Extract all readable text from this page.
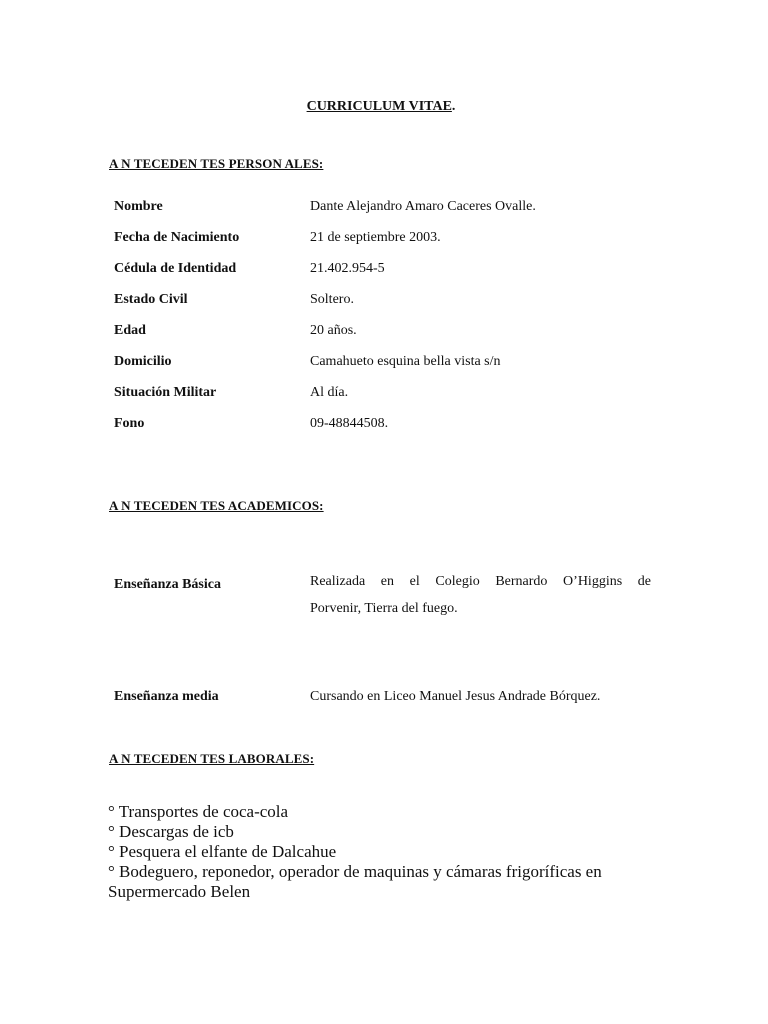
CURRICULUM VITAE.
A N TECEDEN TES PERSON ALES:
Nombre	Dante Alejandro Amaro Caceres Ovalle.
Fecha de Nacimiento	21 de septiembre 2003.
Cédula de Identidad	21.402.954-5
Estado Civil	Soltero.
Edad	20 años.
Domicilio	Camahueto esquina bella vista s/n
Situación Militar	Al día.
Fono	09-48844508.
A N TECEDEN TES ACADEMICOS:
Enseñanza Básica	Realizada en el Colegio Bernardo O’Higgins de
Porvenir, Tierra del fuego.
Enseñanza media	Cursando en Liceo Manuel Jesus Andrade Bórquez.
A N TECEDEN TES LABORALES:
° Transportes de coca-cola
° Descargas de icb
° Pesquera el elfante de Dalcahue
° Bodeguero, reponedor, operador de maquinas y cámaras frigoríficas en
Supermercado Belen
